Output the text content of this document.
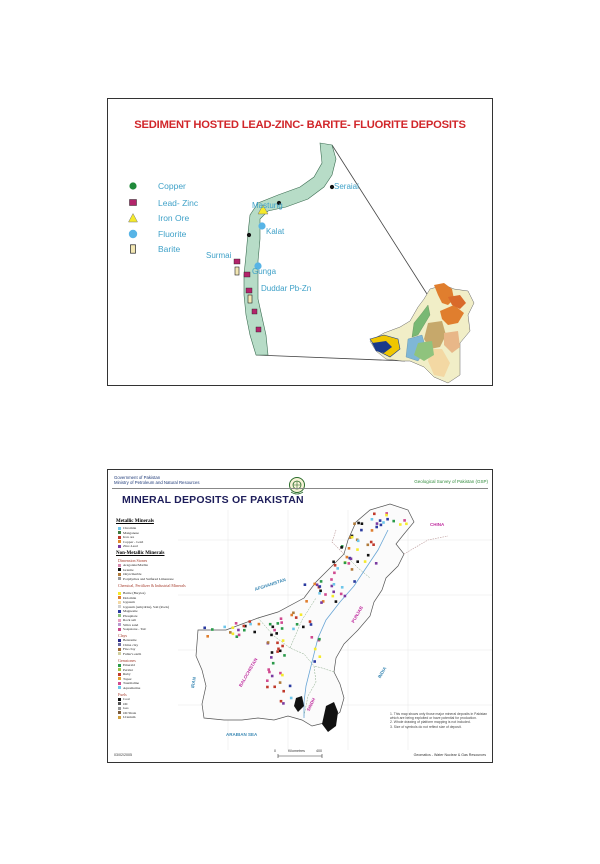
SEDIMENT HOSTED LEAD-ZINC- BARITE- FLUORITE DEPOSITS
Copper
Lead- Zinc
Iron Ore
Fluorite
Barite
Mastung
Seraiai
Kalat
Surmai
Gunga
Duddar Pb-Zn
Government of Pakistan
Ministry of Petroleum and Natural Resources	Geological Survey of Pakistan (GSP)
MINERAL DEPOSITS OF PAKISTAN
Metallic Minerals
Chromite
Manganese
Iron ore
Copper - Gold
Zinc-Lead
Non-Metallic Minerals
Dimension Stones
Aragonite/Marble
Granite
Onyx/marble
Porphyrites and Sulfured Limestone
Chemical, Fertilizer & Industrial Minerals
Barite (Barytes)
Dolomite
Gypsum
Gypsum (anhydrite), Salt (Rock)
Magnesite
Phosphate
Rock salt
Silica sand
Soapstone - Talc
Clays
Bentonite
China clay
Fire clay
Fuller's earth
Gemstones
Emerald
Peridot
Ruby
Topaz
Tourmaline
Aquamarine
Fuels
Coal
Oil
Gas
Oil Shale
Uranium
AFGHANISTAN
IRAN
INDIA
ARABIAN SEA
BALOCHISTAN
PUNJAB
SINDH
CHINA
1. This map shows only those major mineral deposits in Pakistan which are being exploited or have potential for production.
2. Whole drawing of platform mapping is not included.
3. Size of symbols do not reflect size of deposit.
0	Kilometres	400
03/02/2005	Geomatics - Water Nuclear & Gas Resources
